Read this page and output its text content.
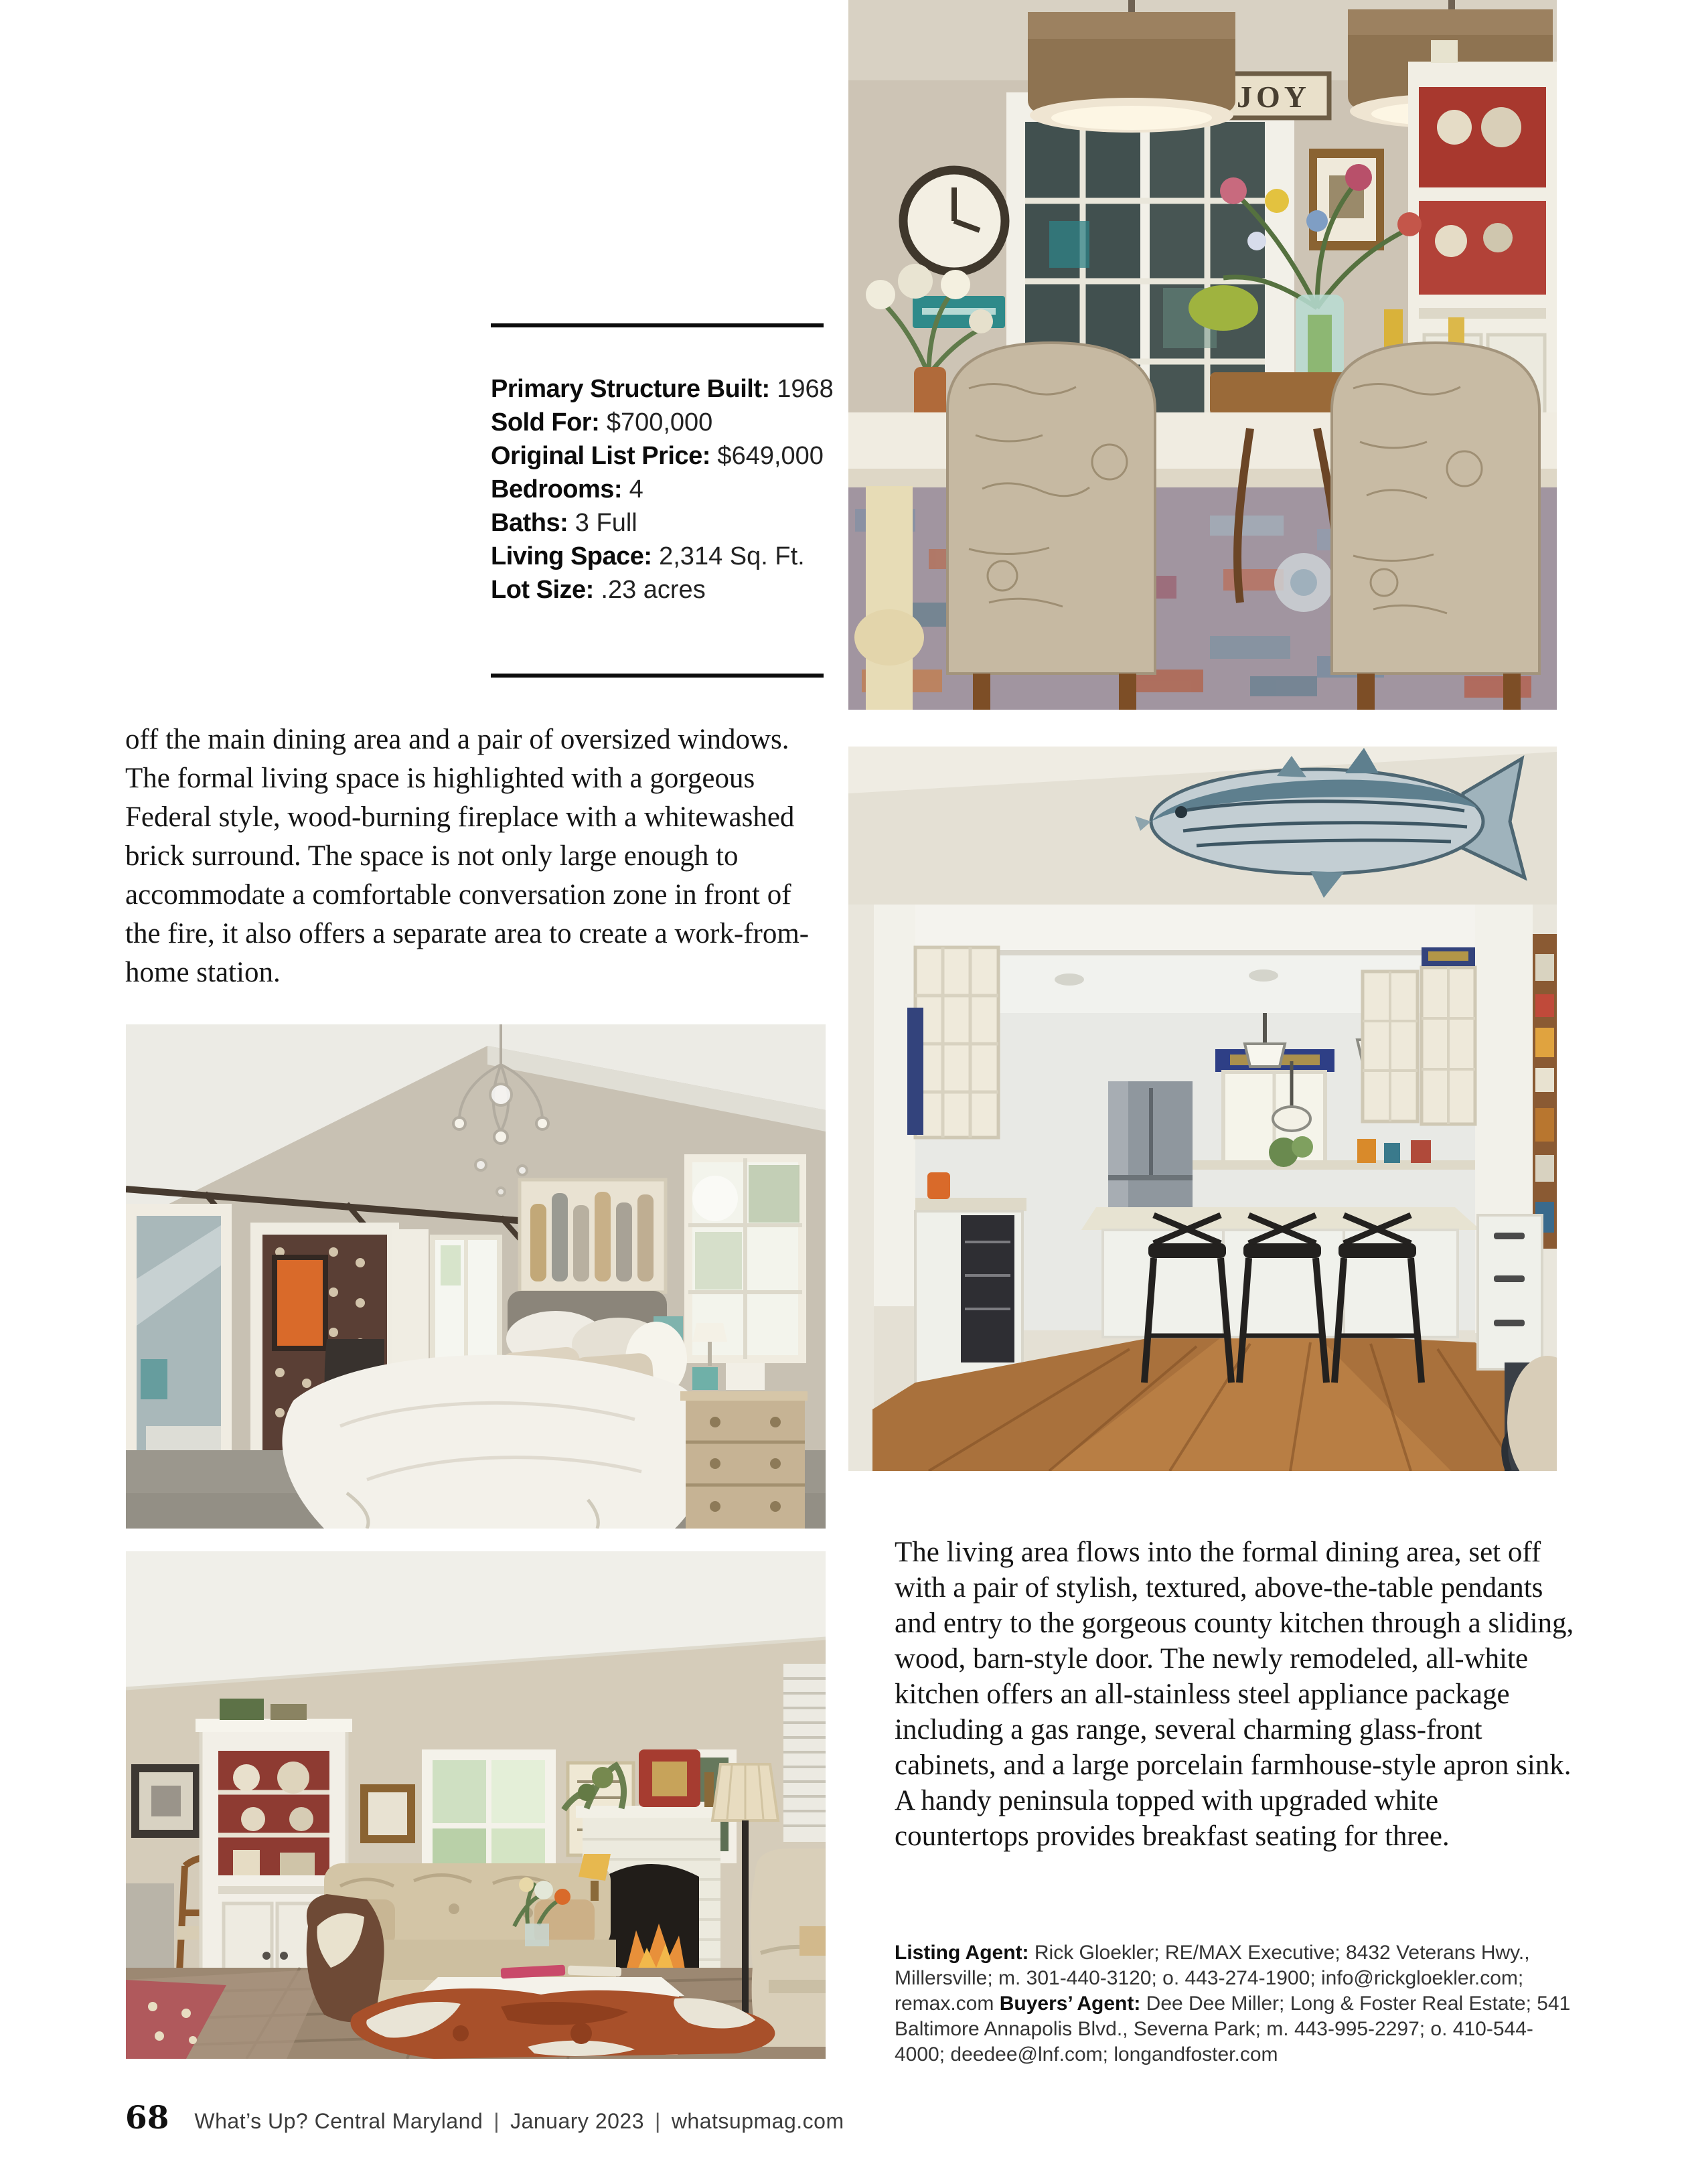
Primary Structure Built: 1968
Sold For: $700,000
Original List Price: $649,000
Bedrooms: 4
Baths: 3 Full
Living Space: 2,314 Sq. Ft.
Lot Size: .23 acres
JOY
off the main dining area and a pair of oversized windows. The formal living space is highlighted with a gorgeous Federal style, wood-burning fireplace with a whitewashed brick surround. The space is not only large enough to accommodate a comfortable conversation zone in front of the fire, it also offers a separate area to create a work-from-home station.
The living area flows into the formal dining area, set off with a pair of stylish, textured, above-the-table pendants and entry to the gorgeous county kitchen through a sliding, wood, barn-style door. The newly remodeled, all-white kitchen offers an all-stainless steel appliance package including a gas range, several charming glass-front cabinets, and a large porcelain farmhouse-style apron sink. A handy peninsula topped with upgraded white countertops provides breakfast seating for three.
Listing Agent: Rick Gloekler; RE/MAX Executive; 8432 Veterans Hwy., Millersville; m. 301-440-3120; o. 443-274-1900; info@rickgloekler.com; remax.com Buyers’ Agent: Dee Dee Miller; Long & Foster Real Estate; 541 Baltimore Annapolis Blvd., Severna Park; m. 443-995-2297; o. 410-544-4000; deedee@lnf.com; longandfoster.com
68 What’s Up? Central Maryland | January 2023 | whatsupmag.com
